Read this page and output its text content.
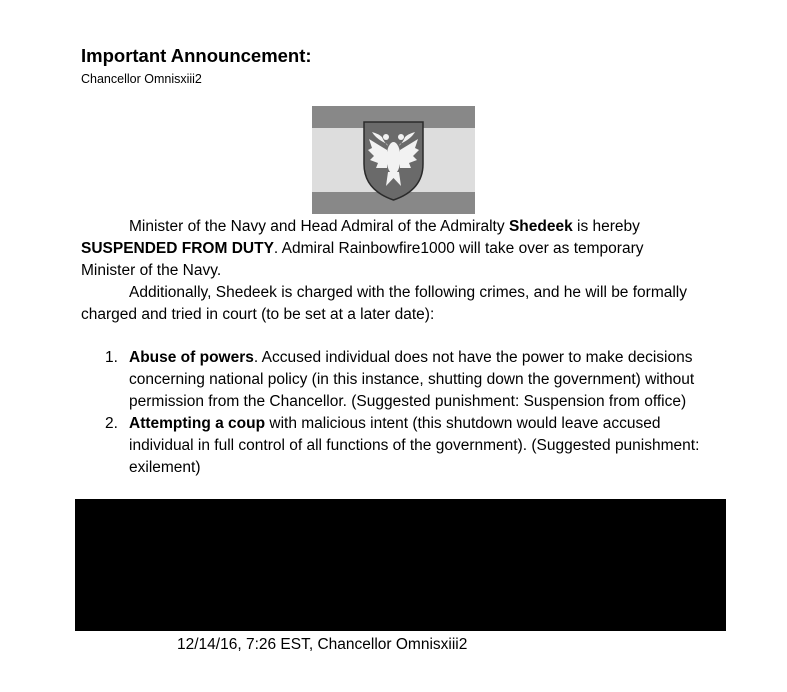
Important Announcement:
Chancellor Omnisxiii2

Minister of the Navy and Head Admiral of the Admiralty Shedeek is hereby SUSPENDED FROM DUTY. Admiral Rainbowfire1000 will take over as temporary Minister of the Navy.

Additionally, Shedeek is charged with the following crimes, and he will be formally charged and tried in court (to be set at a later date):

1. Abuse of powers. Accused individual does not have the power to make decisions concerning national policy (in this instance, shutting down the government) without permission from the Chancellor. (Suggested punishment: Suspension from office)
2. Attempting a coup with malicious intent (this shutdown would leave accused individual in full control of all functions of the government). (Suggested punishment: exilement)
12/14/16, 7:26 EST, Chancellor Omnisxiii2
